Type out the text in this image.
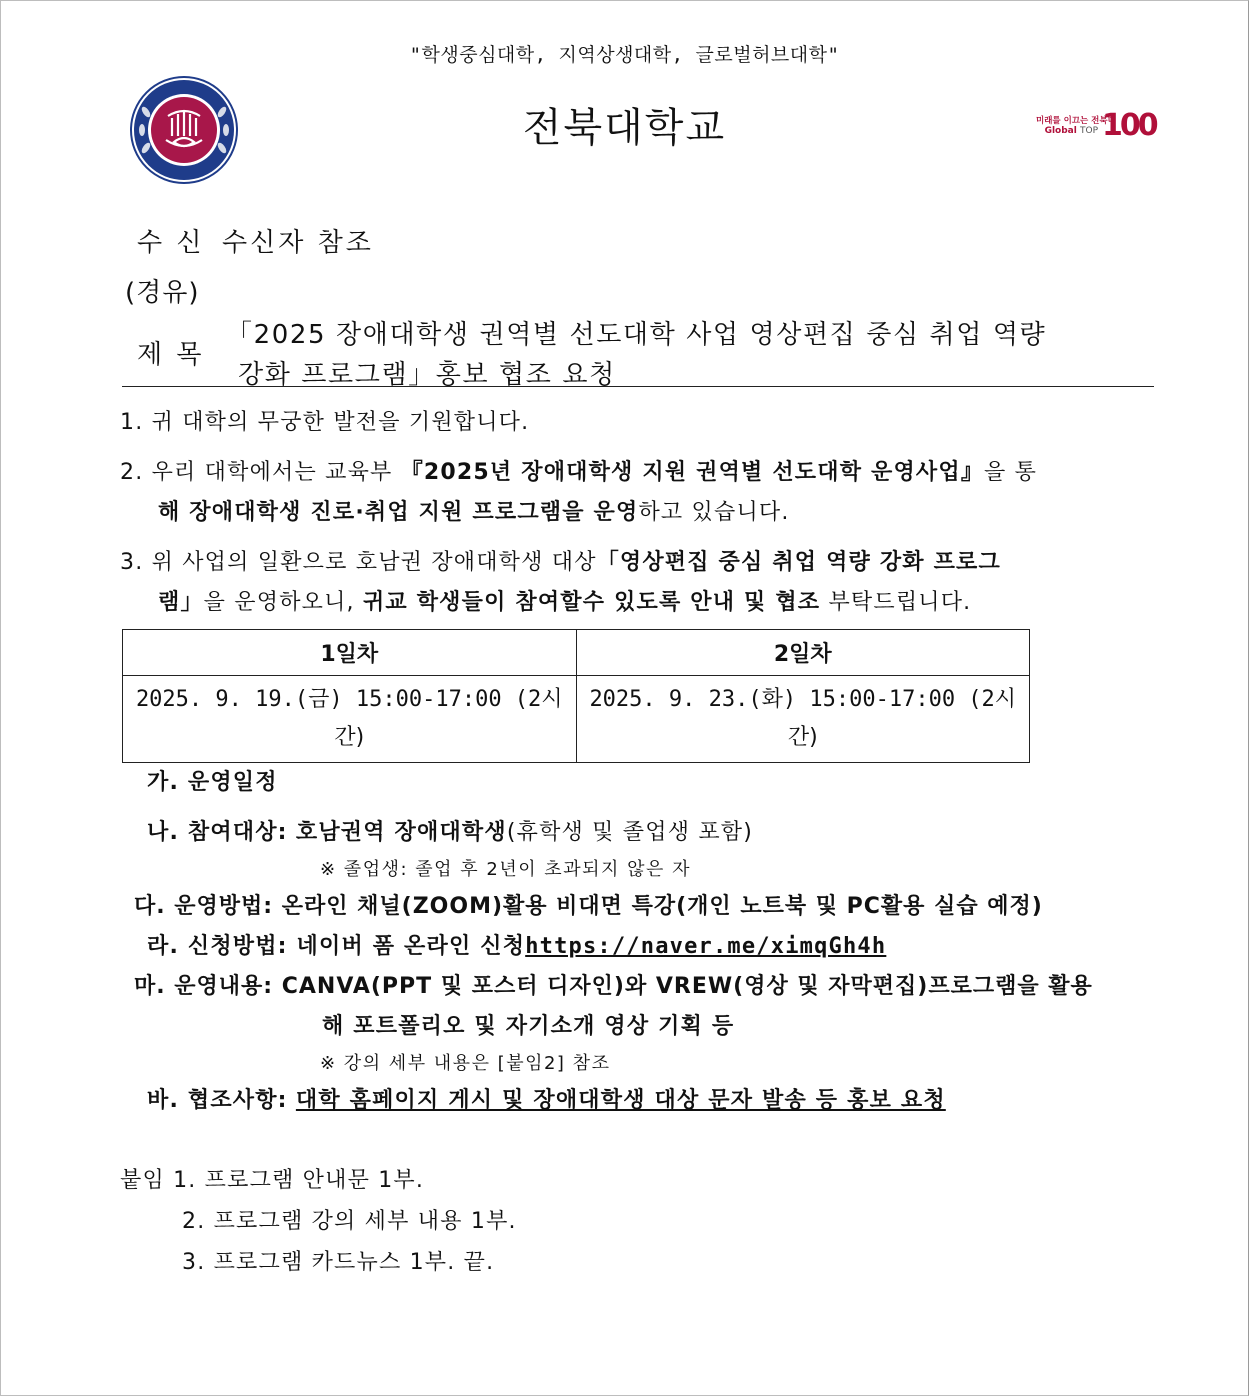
"학생중심대학, 지역상생대학, 글로벌허브대학"
전북대학교	미래를 이끄는 전북대
Global TOP 100
수 신 수신자 참조
(경유)
제 목
「2025 장애대학생 권역별 선도대학 사업 영상편집 중심 취업 역량
강화 프로그램」홍보 협조 요청
1. 귀 대학의 무궁한 발전을 기원합니다.
2. 우리 대학에서는 교육부 『2025년 장애대학생 지원 권역별 선도대학 운영사업』을 통
해 장애대학생 진로·취업 지원 프로그램을 운영하고 있습니다.
3. 위 사업의 일환으로 호남권 장애대학생 대상「영상편집 중심 취업 역량 강화 프로그
램」을 운영하오니, 귀교 학생들이 참여할수 있도록 안내 및 협조 부탁드립니다.
1일차	2일차
2025. 9. 19.(금) 15:00-17:00 (2시
간)	2025. 9. 23.(화) 15:00-17:00 (2시
간)
가. 운영일정
나. 참여대상: 호남권역 장애대학생(휴학생 및 졸업생 포함)
※ 졸업생: 졸업 후 2년이 초과되지 않은 자
다. 운영방법: 온라인 채널(ZOOM)활용 비대면 특강(개인 노트북 및 PC활용 실습 예정)
라. 신청방법: 네이버 폼 온라인 신청https://naver.me/ximqGh4h
마. 운영내용: CANVA(PPT 및 포스터 디자인)와 VREW(영상 및 자막편집)프로그램을 활용
해 포트폴리오 및 자기소개 영상 기획 등
※ 강의 세부 내용은 [붙임2] 참조
바. 협조사항: 대학 홈페이지 게시 및 장애대학생 대상 문자 발송 등 홍보 요청
붙임 1. 프로그램 안내문 1부.
2. 프로그램 강의 세부 내용 1부.
3. 프로그램 카드뉴스 1부. 끝.
